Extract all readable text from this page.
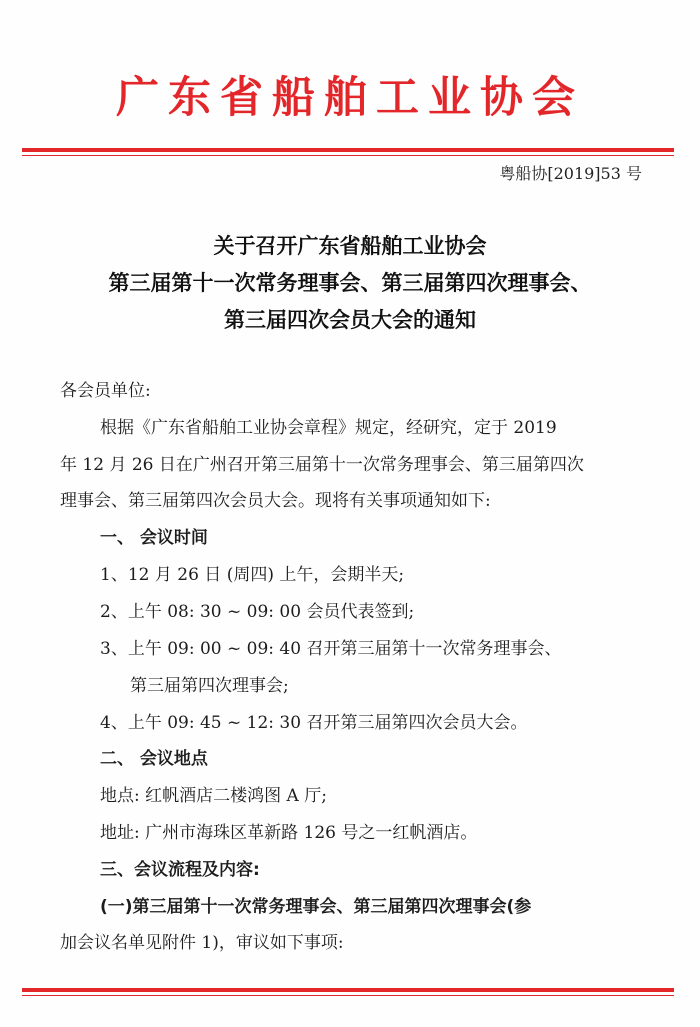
广东省船舶工业协会
粤船协[2019]53 号
关于召开广东省船舶工业协会
第三届第十一次常务理事会、第三届第四次理事会、
第三届四次会员大会的通知
各会员单位:
根据《广东省船舶工业协会章程》规定，经研究，定于 2019
年 12 月 26 日在广州召开第三届第十一次常务理事会、第三届第四次
理事会、第三届第四次会员大会。现将有关事项通知如下:
一、 会议时间
1、12 月 26 日 (周四) 上午，会期半天;
2、上午 08: 30 ~ 09: 00 会员代表签到;
3、上午 09: 00 ~ 09: 40 召开第三届第十一次常务理事会、
第三届第四次理事会;
4、上午 09: 45 ~ 12: 30 召开第三届第四次会员大会。
二、 会议地点
地点: 红帆酒店二楼鸿图 A 厅;
地址: 广州市海珠区革新路 126 号之一红帆酒店。
三、会议流程及内容:
(一)第三届第十一次常务理事会、第三届第四次理事会(参
加会议名单见附件 1)，审议如下事项:
